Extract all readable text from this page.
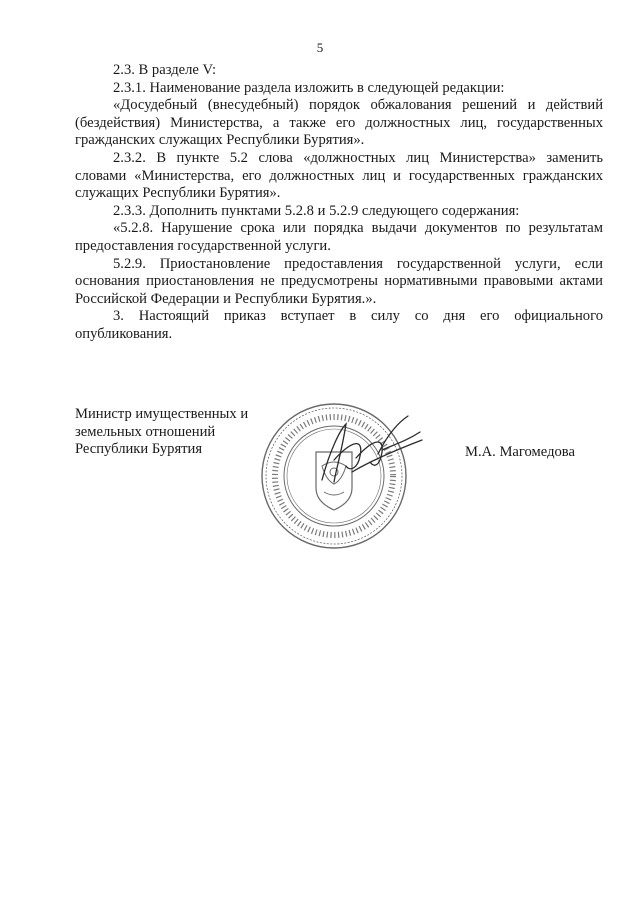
5

2.3. В разделе V:

2.3.1. Наименование раздела изложить в следующей редакции:

«Досудебный (внесудебный) порядок обжалования решений и действий (бездействия) Министерства, а также его должностных лиц, государственных гражданских служащих Республики Бурятия».

2.3.2. В пункте 5.2 слова «должностных лиц Министерства» заменить словами «Министерства, его должностных лиц и государственных гражданских служащих Республики Бурятия».

2.3.3. Дополнить пунктами 5.2.8 и 5.2.9 следующего содержания:

«5.2.8. Нарушение срока или порядка выдачи документов по результатам предоставления государственной услуги.

5.2.9. Приостановление предоставления государственной услуги, если основания приостановления не предусмотрены нормативными правовыми актами Российской Федерации и Республики Бурятия.».

3. Настоящий приказ вступает в силу со дня его официального опубликования.

Министр имущественных и
земельных отношений
Республики Бурятия	М.А. Магомедова
